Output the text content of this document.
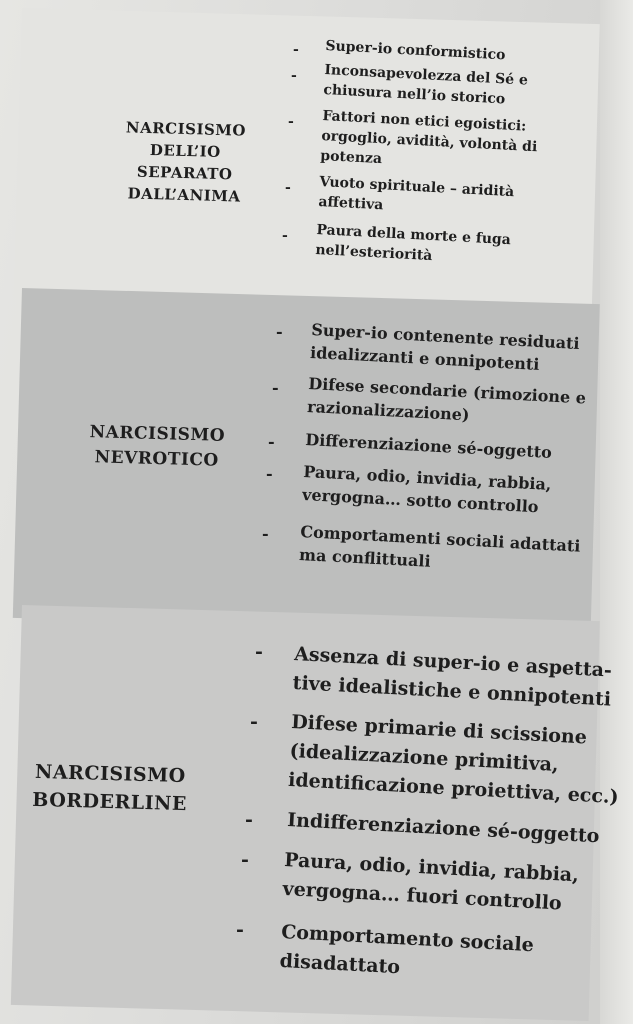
NARCISISMO
DELL’IO
SEPARATO
DALL’ANIMA
- Super-io conformistico
- Inconsapevolezza del Sé e
chiusura nell’io storico
- Fattori non etici egoistici:
orgoglio, avidità, volontà di
potenza
- Vuoto spirituale – aridità
affettiva
- Paura della morte e fuga
nell’esteriorità
NARCISISMO
NEVROTICO
- Super-io contenente residuati
idealizzanti e onnipotenti
- Difese secondarie (rimozione e
razionalizzazione)
- Differenziazione sé-oggetto
- Paura, odio, invidia, rabbia,
vergogna… sotto controllo
- Comportamenti sociali adattati
ma conflittuali
NARCISISMO
BORDERLINE
- Assenza di super-io e aspetta-
tive idealistiche e onnipotenti
- Difese primarie di scissione
(idealizzazione primitiva,
identificazione proiettiva, ecc.)
- Indifferenziazione sé-oggetto
- Paura, odio, invidia, rabbia,
vergogna… fuori controllo
- Comportamento sociale
disadattato
